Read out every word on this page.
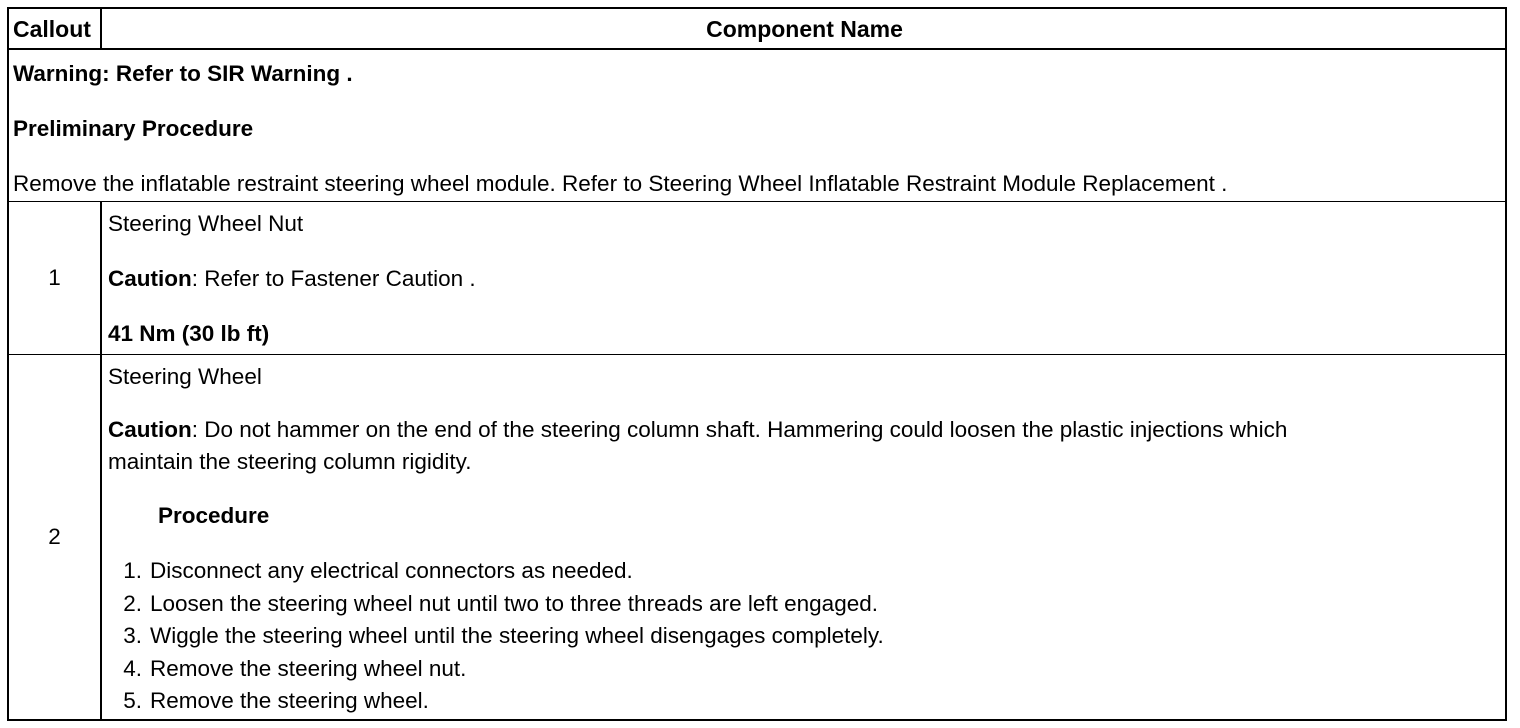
Callout	Component Name

Warning: Refer to SIR Warning .

Preliminary Procedure

Remove the inflatable restraint steering wheel module. Refer to Steering Wheel Inflatable Restraint Module Replacement .

1

Steering Wheel Nut

Caution: Refer to Fastener Caution .

41 Nm (30 lb ft)

2

Steering Wheel

Caution: Do not hammer on the end of the steering column shaft. Hammering could loosen the plastic injections which

maintain the steering column rigidity.

Procedure

1. Disconnect any electrical connectors as needed.
2. Loosen the steering wheel nut until two to three threads are left engaged.
3. Wiggle the steering wheel until the steering wheel disengages completely.
4. Remove the steering wheel nut.
5. Remove the steering wheel.
